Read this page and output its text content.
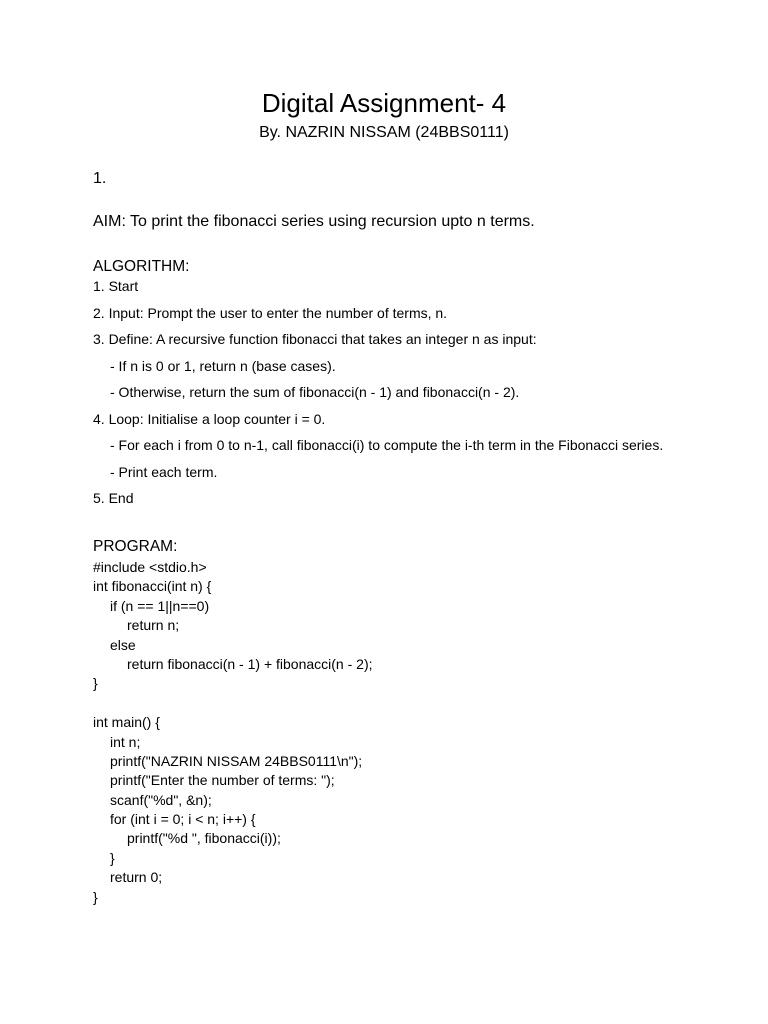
Digital Assignment- 4
By. NAZRIN NISSAM (24BBS0111)
1.
AIM: To print the fibonacci series using recursion upto n terms.
ALGORITHM:
1. Start
2. Input: Prompt the user to enter the number of terms, n.
3. Define: A recursive function fibonacci that takes an integer n as input:
- If n is 0 or 1, return n (base cases).
- Otherwise, return the sum of fibonacci(n - 1) and fibonacci(n - 2).
4. Loop: Initialise a loop counter i = 0.
- For each i from 0 to n-1, call fibonacci(i) to compute the i-th term in the Fibonacci series.
- Print each term.
5. End
PROGRAM:
#include <stdio.h>
int fibonacci(int n) {
if (n == 1||n==0)
return n;
else
return fibonacci(n - 1) + fibonacci(n - 2);
}
int main() {
int n;
printf("NAZRIN NISSAM 24BBS0111\n");
printf("Enter the number of terms: ");
scanf("%d", &n);
for (int i = 0; i < n; i++) {
printf("%d ", fibonacci(i));
}
return 0;
}
